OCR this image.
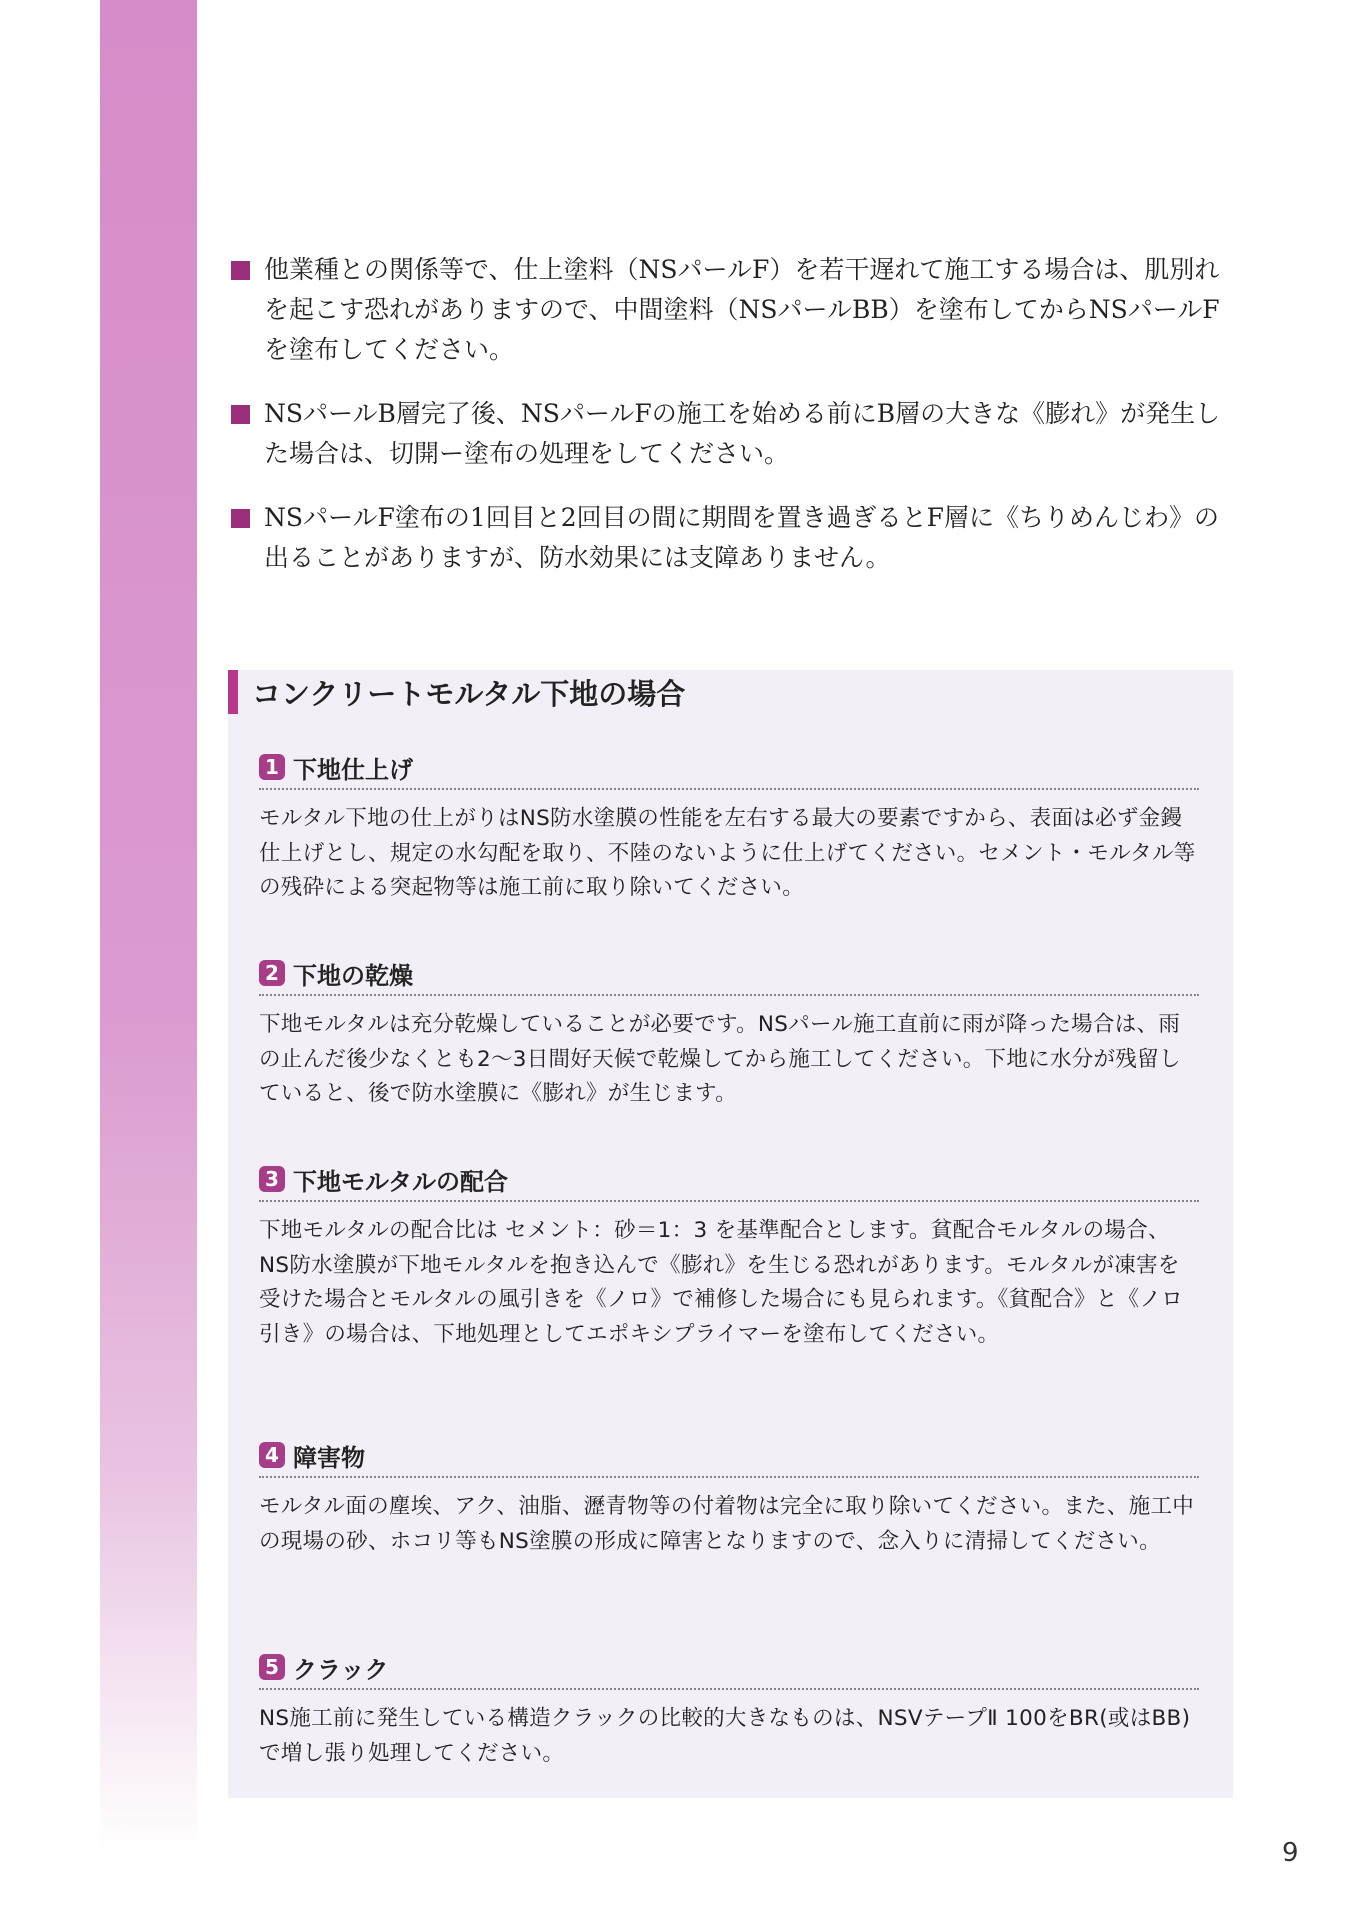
他業種との関係等で、仕上塗料（NSパールF）を若干遅れて施工する場合は、肌別れを起こす恐れがありますので、中間塗料（NSパールBB）を塗布してからNSパールFを塗布してください。
NSパールB層完了後、NSパールFの施工を始める前にB層の大きな《膨れ》が発生した場合は、切開ー塗布の処理をしてください。
NSパールF塗布の1回目と2回目の間に期間を置き過ぎるとF層に《ちりめんじわ》の出ることがありますが、防水効果には支障ありません。
コンクリートモルタル下地の場合
1 下地仕上げ
モルタル下地の仕上がりはNS防水塗膜の性能を左右する最大の要素ですから、表面は必ず金鏝仕上げとし、規定の水勾配を取り、不陸のないように仕上げてください。セメント・モルタル等の残砕による突起物等は施工前に取り除いてください。
2 下地の乾燥
下地モルタルは充分乾燥していることが必要です。NSパール施工直前に雨が降った場合は、雨の止んだ後少なくとも2〜3日間好天候で乾燥してから施工してください。下地に水分が残留していると、後で防水塗膜に《膨れ》が生じます。
3 下地モルタルの配合
下地モルタルの配合比は セメント：砂＝1：3 を基準配合とします。貧配合モルタルの場合、NS防水塗膜が下地モルタルを抱き込んで《膨れ》を生じる恐れがあります。モルタルが凍害を受けた場合とモルタルの風引きを《ノロ》で補修した場合にも見られます。《貧配合》と《ノロ引き》の場合は、下地処理としてエポキシプライマーを塗布してください。
4 障害物
モルタル面の塵埃、アク、油脂、瀝青物等の付着物は完全に取り除いてください。また、施工中の現場の砂、ホコリ等もNS塗膜の形成に障害となりますので、念入りに清掃してください。
5 クラック
NS施工前に発生している構造クラックの比較的大きなものは、NSVテープⅡ 100をBR(或はBB)で増し張り処理してください。
9
